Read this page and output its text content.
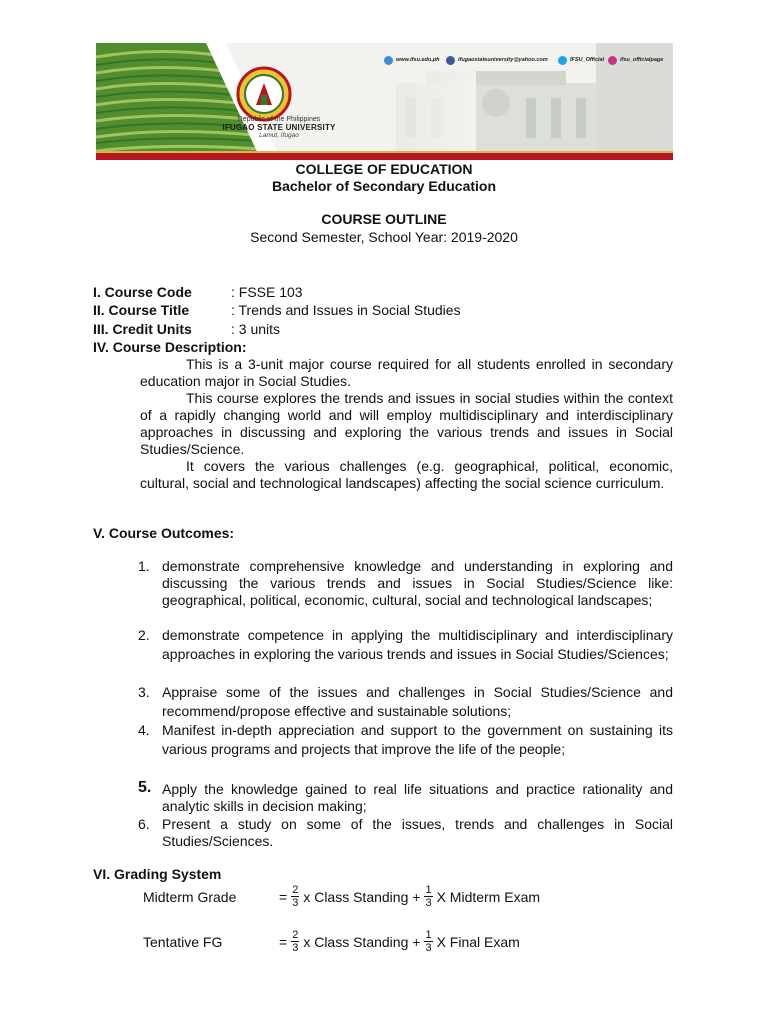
Republic of the Philippines
IFUGAO STATE UNIVERSITY
Lamut, Ifugao
www.ifsu.edu.ph	ifugaostateuniversity@yahoo.com	IFSU_Official	ifsu_officialpage
COLLEGE OF EDUCATION
Bachelor of Secondary Education
COURSE OUTLINE
Second Semester, School Year: 2019-2020
I. Course Code	: FSSE 103
II. Course Title	: Trends and Issues in Social Studies
III. Credit Units	: 3 units
IV. Course Description:

This is a 3-unit major course required for all students enrolled in secondary education major in Social Studies.

This course explores the trends and issues in social studies within the context of a rapidly changing world and will employ multidisciplinary and interdisciplinary approaches in discussing and exploring the various trends and issues in Social Studies/Science.

It covers the various challenges (e.g. geographical, political, economic, cultural, social and technological landscapes) affecting the social science curriculum.

V. Course Outcomes:
1. demonstrate comprehensive knowledge and understanding in exploring and discussing the various trends and issues in Social Studies/Science like: geographical, political, economic, cultural, social and technological landscapes;
2. demonstrate competence in applying the multidisciplinary and interdisciplinary approaches in exploring the various trends and issues in Social Studies/Sciences;
3. Appraise some of the issues and challenges in Social Studies/Science and recommend/propose effective and sustainable solutions;
4. Manifest in-depth appreciation and support to the government on sustaining its various programs and projects that improve the life of the people;
5. Apply the knowledge gained to real life situations and practice rationality and analytic skills in decision making;
6. Present a study on some of the issues, trends and challenges in Social Studies/Sciences.
VI. Grading System
Midterm Grade	= $\frac{2}{3}$ x Class Standing + $\frac{1}{3}$ X Midterm Exam
Tentative FG	= $\frac{2}{3}$ x Class Standing + $\frac{1}{3}$ X Final Exam
